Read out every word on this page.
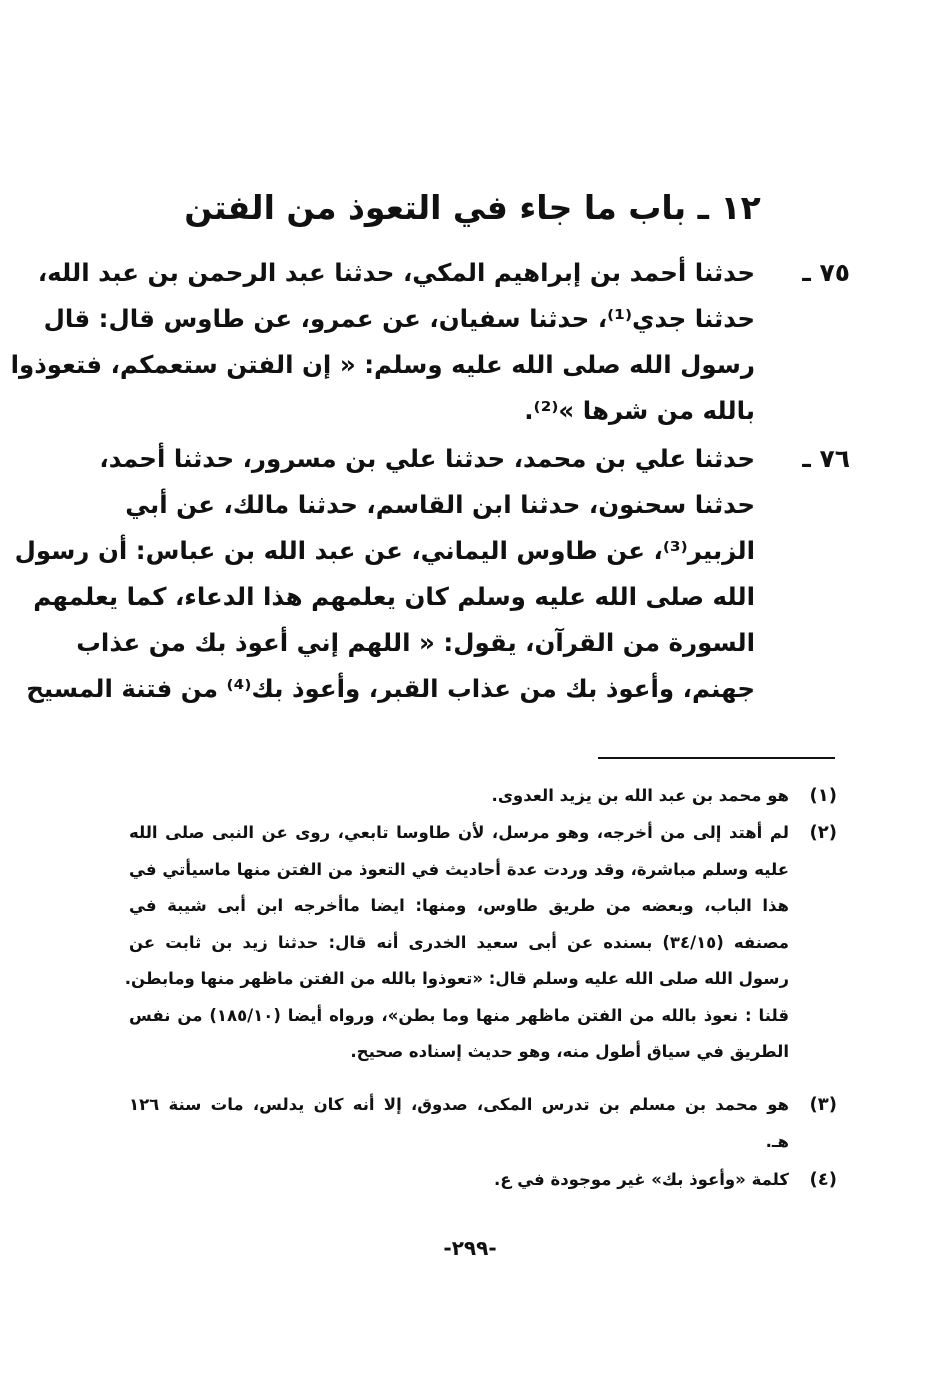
١٢ ـ باب ما جاء في التعوذ من الفتن
٧٥ ـ
حدثنا أحمد بن إبراهيم المكي، حدثنا عبد الرحمن بن عبد الله،
حدثنا جدي⁽¹⁾، حدثنا سفيان، عن عمرو، عن طاوس قال: قال
رسول الله صلى الله عليه وسلم: « إن الفتن ستعمكم، فتعوذوا
بالله من شرها »⁽²⁾.
٧٦ ـ
حدثنا علي بن محمد، حدثنا علي بن مسرور، حدثنا أحمد،
حدثنا سحنون، حدثنا ابن القاسم، حدثنا مالك، عن أبي
الزبير⁽³⁾، عن طاوس اليماني، عن عبد الله بن عباس: أن رسول
الله صلى الله عليه وسلم كان يعلمهم هذا الدعاء، كما يعلمهم
السورة من القرآن، يقول: « اللهم إني أعوذ بك من عذاب
جهنم، وأعوذ بك من عذاب القبر، وأعوذ بك⁽⁴⁾ من فتنة المسيح
(١)
هو محمد بن عبد الله بن يزيد العدوى.
(٢)
لم أهتد إلى من أخرجه، وهو مرسل، لأن طاوسا تابعي، روى عن النبى صلى الله
عليه وسلم مباشرة، وقد وردت عدة أحاديث في التعوذ من الفتن منها ماسيأتي في
هذا الباب، وبعضه من طريق طاوس، ومنها: ايضا ماأخرجه ابن أبى شيبة في
مصنفه (٣٤/١٥) بسنده عن أبى سعيد الخدرى أنه قال: حدثنا زيد بن ثابت عن
رسول الله صلى الله عليه وسلم قال: «تعوذوا بالله من الفتن ماظهر منها ومابطن.
قلنا : نعوذ بالله من الفتن ماظهر منها وما بطن»، ورواه أيضا (١٨٥/١٠) من نفس
الطريق في سياق أطول منه، وهو حديث إسناده صحيح.
(٣)
هو محمد بن مسلم بن تدرس المكى، صدوق، إلا أنه كان يدلس، مات سنة ١٢٦
هـ.
(٤)
كلمة «وأعوذ بك» غير موجودة في ع.
-٢٩٩-
